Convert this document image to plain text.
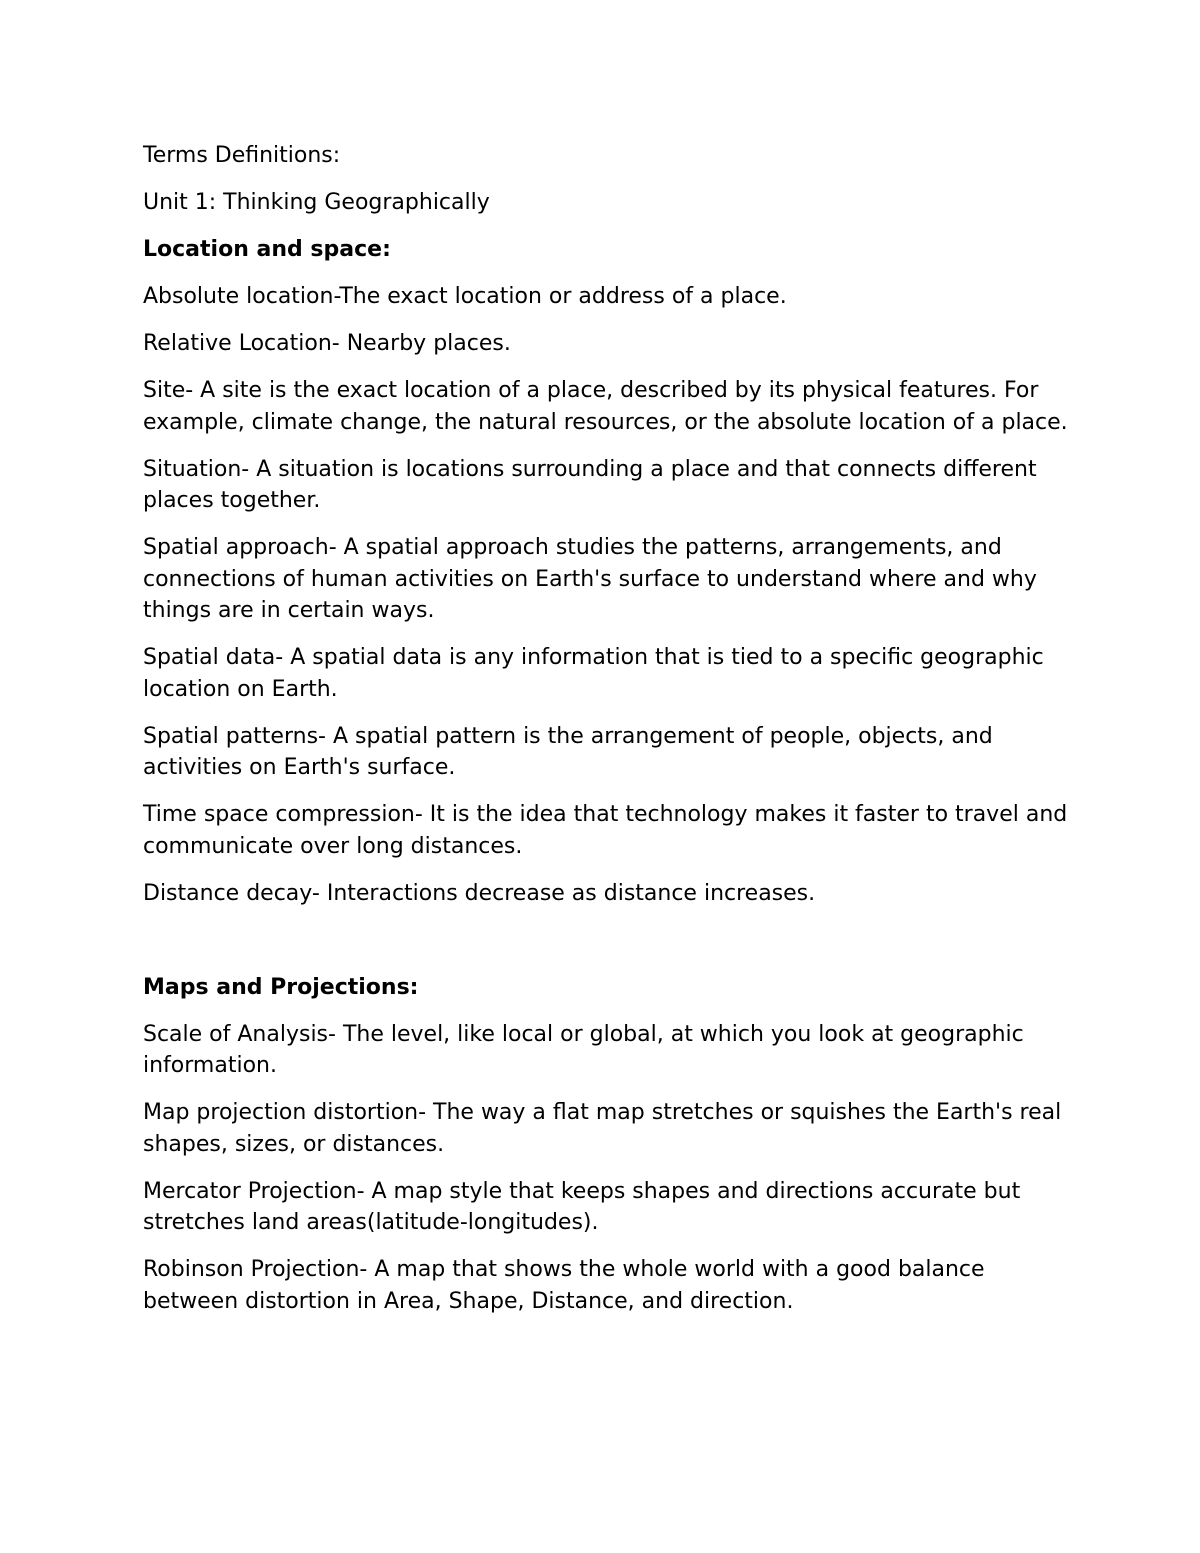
Terms Definitions:

Unit 1: Thinking Geographically

Location and space:

Absolute location-The exact location or address of a place.

Relative Location- Nearby places.

Site- A site is the exact location of a place, described by its physical features. For example, climate change, the natural resources, or the absolute location of a place.

Situation- A situation is locations surrounding a place and that connects different places together.

Spatial approach- A spatial approach studies the patterns, arrangements, and connections of human activities on Earth's surface to understand where and why things are in certain ways.

Spatial data- A spatial data is any information that is tied to a specific geographic location on Earth.

Spatial patterns- A spatial pattern is the arrangement of people, objects, and activities on Earth's surface.

Time space compression- It is the idea that technology makes it faster to travel and communicate over long distances.

Distance decay- Interactions decrease as distance increases.

Maps and Projections:

Scale of Analysis- The level, like local or global, at which you look at geographic information.

Map projection distortion- The way a flat map stretches or squishes the Earth's real shapes, sizes, or distances.

Mercator Projection- A map style that keeps shapes and directions accurate but stretches land areas(latitude-longitudes).

Robinson Projection- A map that shows the whole world with a good balance between distortion in Area, Shape, Distance, and direction.
